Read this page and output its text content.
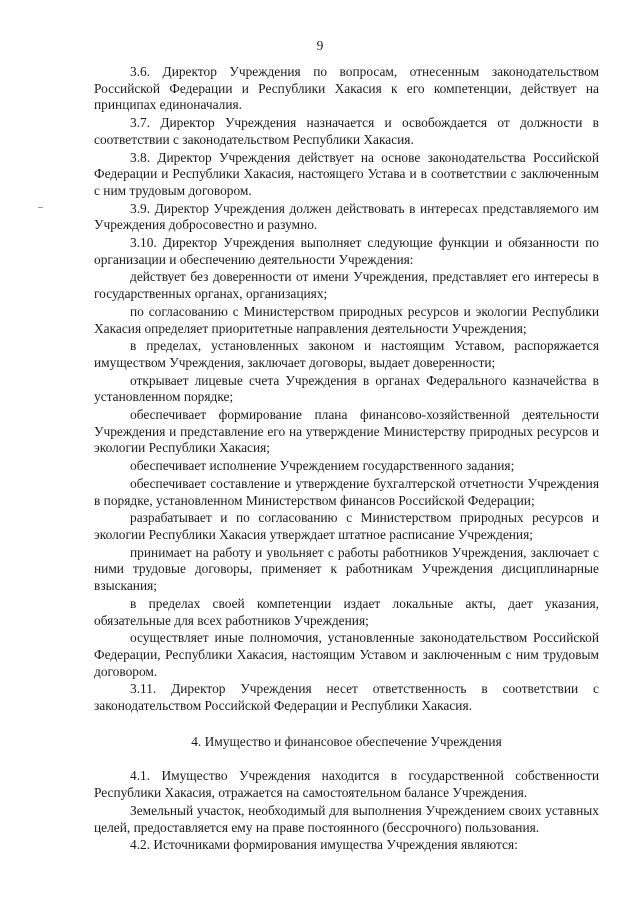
9

3.6. Директор Учреждения по вопросам, отнесенным законодательством Российской Федерации и Республики Хакасия к его компетенции, действует на принципах единоначалия.

3.7. Директор Учреждения назначается и освобождается от должности в соответствии с законодательством Республики Хакасия.

3.8. Директор Учреждения действует на основе законодательства Российской Федерации и Республики Хакасия, настоящего Устава и в соответствии с заключенным с ним трудовым договором.

3.9. Директор Учреждения должен действовать в интересах представляемого им Учреждения добросовестно и разумно.

3.10. Директор Учреждения выполняет следующие функции и обязанности по организации и обеспечению деятельности Учреждения:

действует без доверенности от имени Учреждения, представляет его интересы в государственных органах, организациях;

по согласованию с Министерством природных ресурсов и экологии Республики Хакасия определяет приоритетные направления деятельности Учреждения;

в пределах, установленных законом и настоящим Уставом, распоряжается имуществом Учреждения, заключает договоры, выдает доверенности;

открывает лицевые счета Учреждения в органах Федерального казначейства в установленном порядке;

обеспечивает формирование плана финансово-хозяйственной деятельности Учреждения и представление его на утверждение Министерству природных ресурсов и экологии Республики Хакасия;

обеспечивает исполнение Учреждением государственного задания;

обеспечивает составление и утверждение бухгалтерской отчетности Учреждения в порядке, установленном Министерством финансов Российской Федерации;

разрабатывает и по согласованию с Министерством природных ресурсов и экологии Республики Хакасия утверждает штатное расписание Учреждения;

принимает на работу и увольняет с работы работников Учреждения, заключает с ними трудовые договоры, применяет к работникам Учреждения дисциплинарные взыскания;

в пределах своей компетенции издает локальные акты, дает указания, обязательные для всех работников Учреждения;

осуществляет иные полномочия, установленные законодательством Российской Федерации, Республики Хакасия, настоящим Уставом и заключенным с ним трудовым договором.

3.11. Директор Учреждения несет ответственность в соответствии с законодательством Российской Федерации и Республики Хакасия.

4. Имущество и финансовое обеспечение Учреждения

4.1. Имущество Учреждения находится в государственной собственности Республики Хакасия, отражается на самостоятельном балансе Учреждения.

Земельный участок, необходимый для выполнения Учреждением своих уставных целей, предоставляется ему на праве постоянного (бессрочного) пользования.

4.2. Источниками формирования имущества Учреждения являются:
